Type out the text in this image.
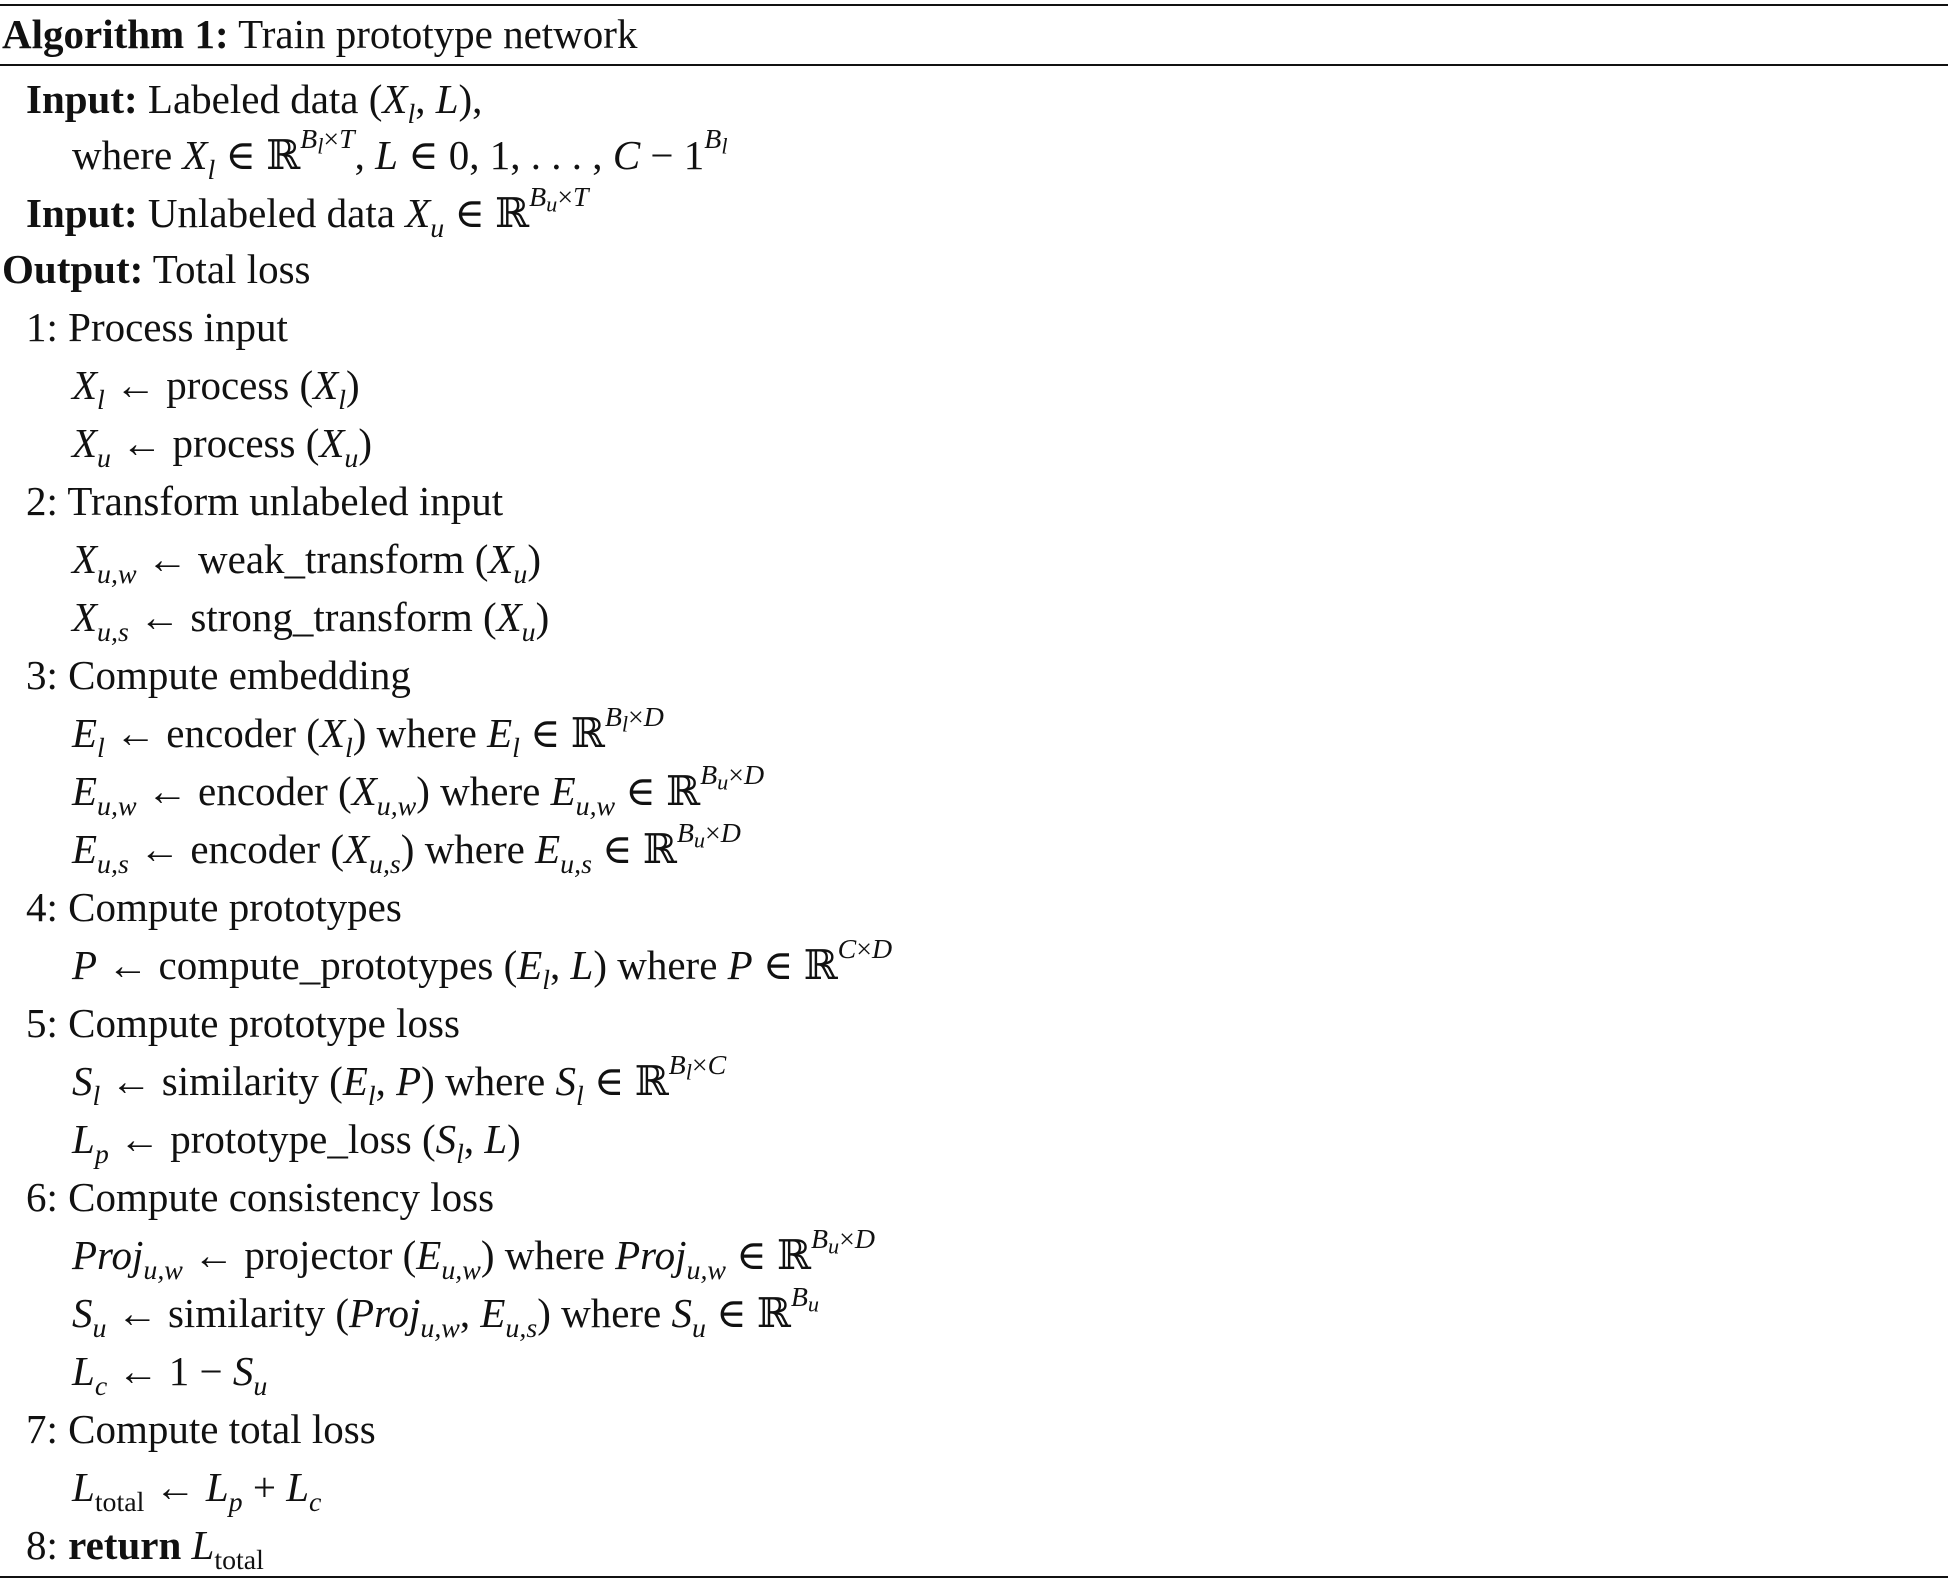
Algorithm 1: Train prototype network
Input: Labeled data ($X_l$, L),
where $X_l$ ∈ ℝ$^{B_l\times T}$, L ∈ 0, 1, . . . , $C - 1^{B_l}$
Input: Unlabeled data $X_u$ ∈ ℝ$^{B_u\times T}$
Output: Total loss
1: Process input
$X_l$ ← process $(X_l)$
$X_u$ ← process $(X_u)$
2: Transform unlabeled input
$X_{u,w}$ ← weak_transform $(X_u)$
$X_{u,s}$ ← strong_transform $(X_u)$
3: Compute embedding
$E_l$ ← encoder $(X_l)$ where $E_l$ ∈ ℝ$^{B_l\times D}$
$E_{u,w}$ ← encoder $(X_{u,w})$ where $E_{u,w}$ ∈ ℝ$^{B_u\times D}$
$E_{u,s}$ ← encoder $(X_{u,s})$ where $E_{u,s}$ ∈ ℝ$^{B_u\times D}$
4: Compute prototypes
P ← compute_prototypes ($E_l$, L) where P ∈ ℝ$^{C\times D}$
5: Compute prototype loss
$S_l$ ← similarity ($E_l$, P) where $S_l$ ∈ ℝ$^{B_l\times C}$
$L_p$ ← prototype_loss ($S_l$, L)
6: Compute consistency loss
Proj$_{u,w}$ ← projector $(E_{u,w})$ where Proj$_{u,w}$ ∈ ℝ$^{B_u\times D}$
$S_u$ ← similarity (Proj$_{u,w}$, $E_{u,s}$) where $S_u$ ∈ ℝ$^{B_u}$
$L_c$ ← $1 - S_u$
7: Compute total loss
$L_{total}$ ← $L_p + L_c$
8: return $L_{total}$
